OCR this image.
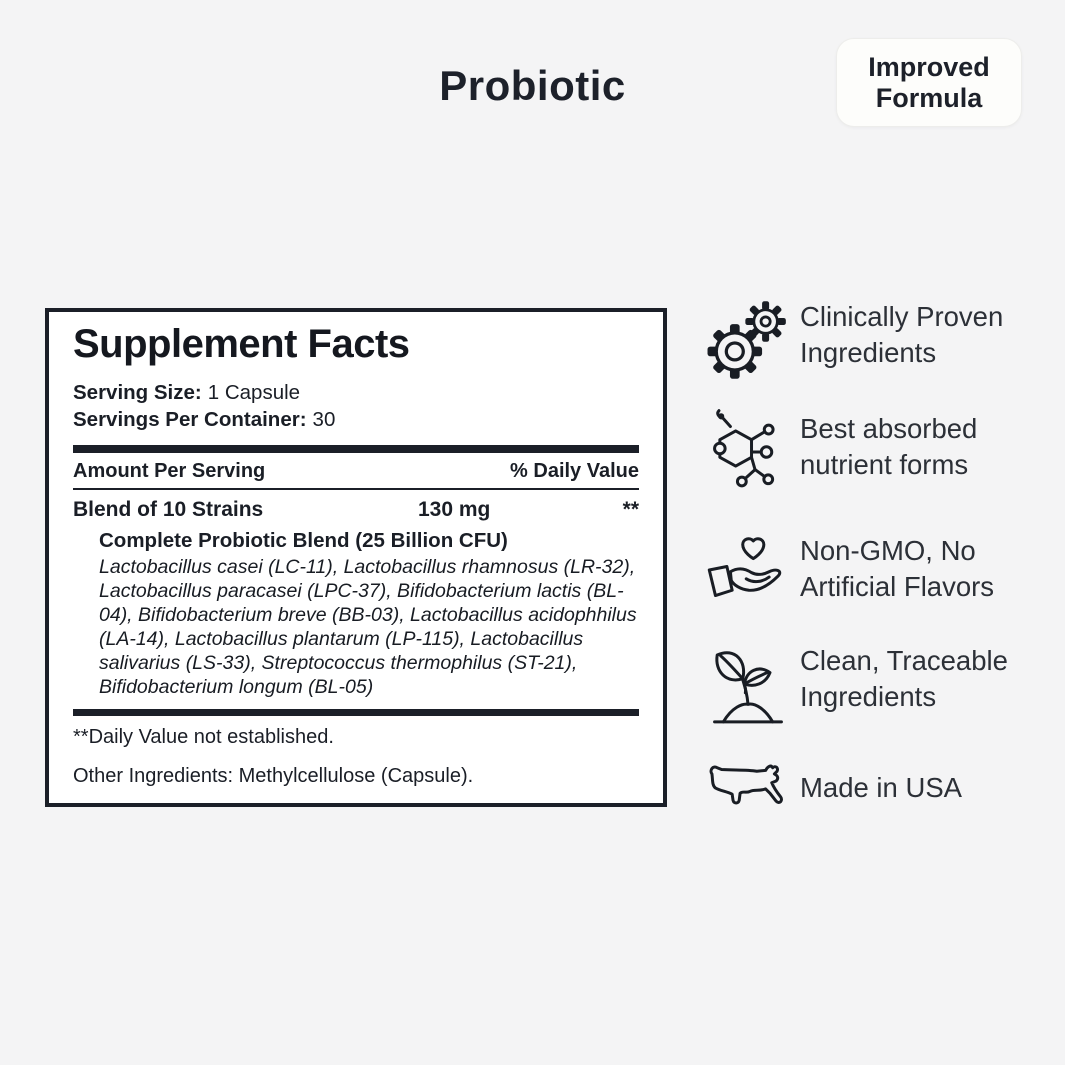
Probiotic	Improved
Formula
Supplement Facts
Serving Size: 1 Capsule
Servings Per Container: 30
Amount Per Serving	% Daily Value
Blend of 10 Strains	130 mg	**
Complete Probiotic Blend (25 Billion CFU)
Lactobacillus casei (LC-11), Lactobacillus rhamnosus (LR-32), Lactobacillus paracasei (LPC-37), Bifidobacterium lactis (BL-04), Bifidobacterium breve (BB-03), Lactobacillus acidophhilus (LA-14), Lactobacillus plantarum (LP-115), Lactobacillus salivarius (LS-33), Streptococcus thermophilus (ST-21), Bifidobacterium longum (BL-05)
**Daily Value not established.
Other Ingredients: Methylcellulose (Capsule).
Clinically Proven Ingredients
Best absorbed nutrient forms
Non-GMO, No Artificial Flavors
Clean, Traceable Ingredients
Made in USA
